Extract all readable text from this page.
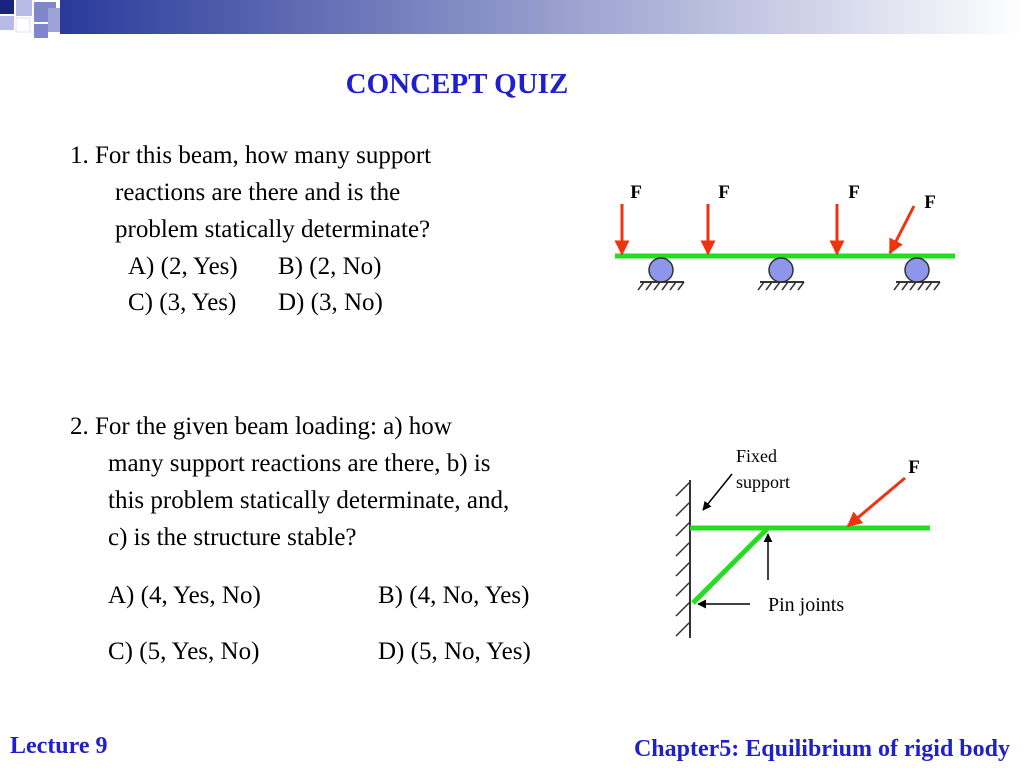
CONCEPT QUIZ
1. For this beam, how many support
reactions are there and is the
problem statically determinate?
A) (2, Yes) B) (2, No)
C) (3, Yes) D) (3, No)
2. For the given beam loading: a) how
many support reactions are there, b) is
this problem statically determinate, and,
c) is the structure stable?
A) (4, Yes, No)	B) (4, No, Yes)
C) (5, Yes, No)	D) (5, No, Yes)
F	F	F	F
F
Fixed
support
Pin joints
Lecture 9	Chapter5: Equilibrium of rigid body
